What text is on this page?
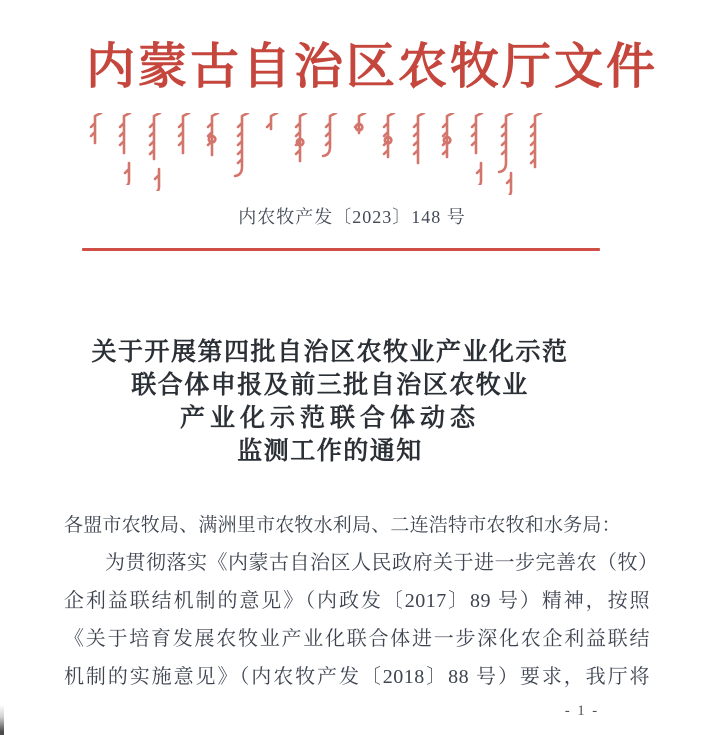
内蒙古自治区农牧厅文件
内农牧产发〔2023〕148 号
关于开展第四批自治区农牧业产业化示范
联合体申报及前三批自治区农牧业
产业化示范联合体动态
监测工作的通知
各盟市农牧局、满洲里市农牧水利局、二连浩特市农牧和水务局：
为贯彻落实《内蒙古自治区人民政府关于进一步完善农（牧）
企利益联结机制的意见》（内政发〔2017〕89 号）精神，按照
《关于培育发展农牧业产业化联合体进一步深化农企利益联结
机制的实施意见》（内农牧产发〔2018〕88 号）要求，我厅将
- 1 -
